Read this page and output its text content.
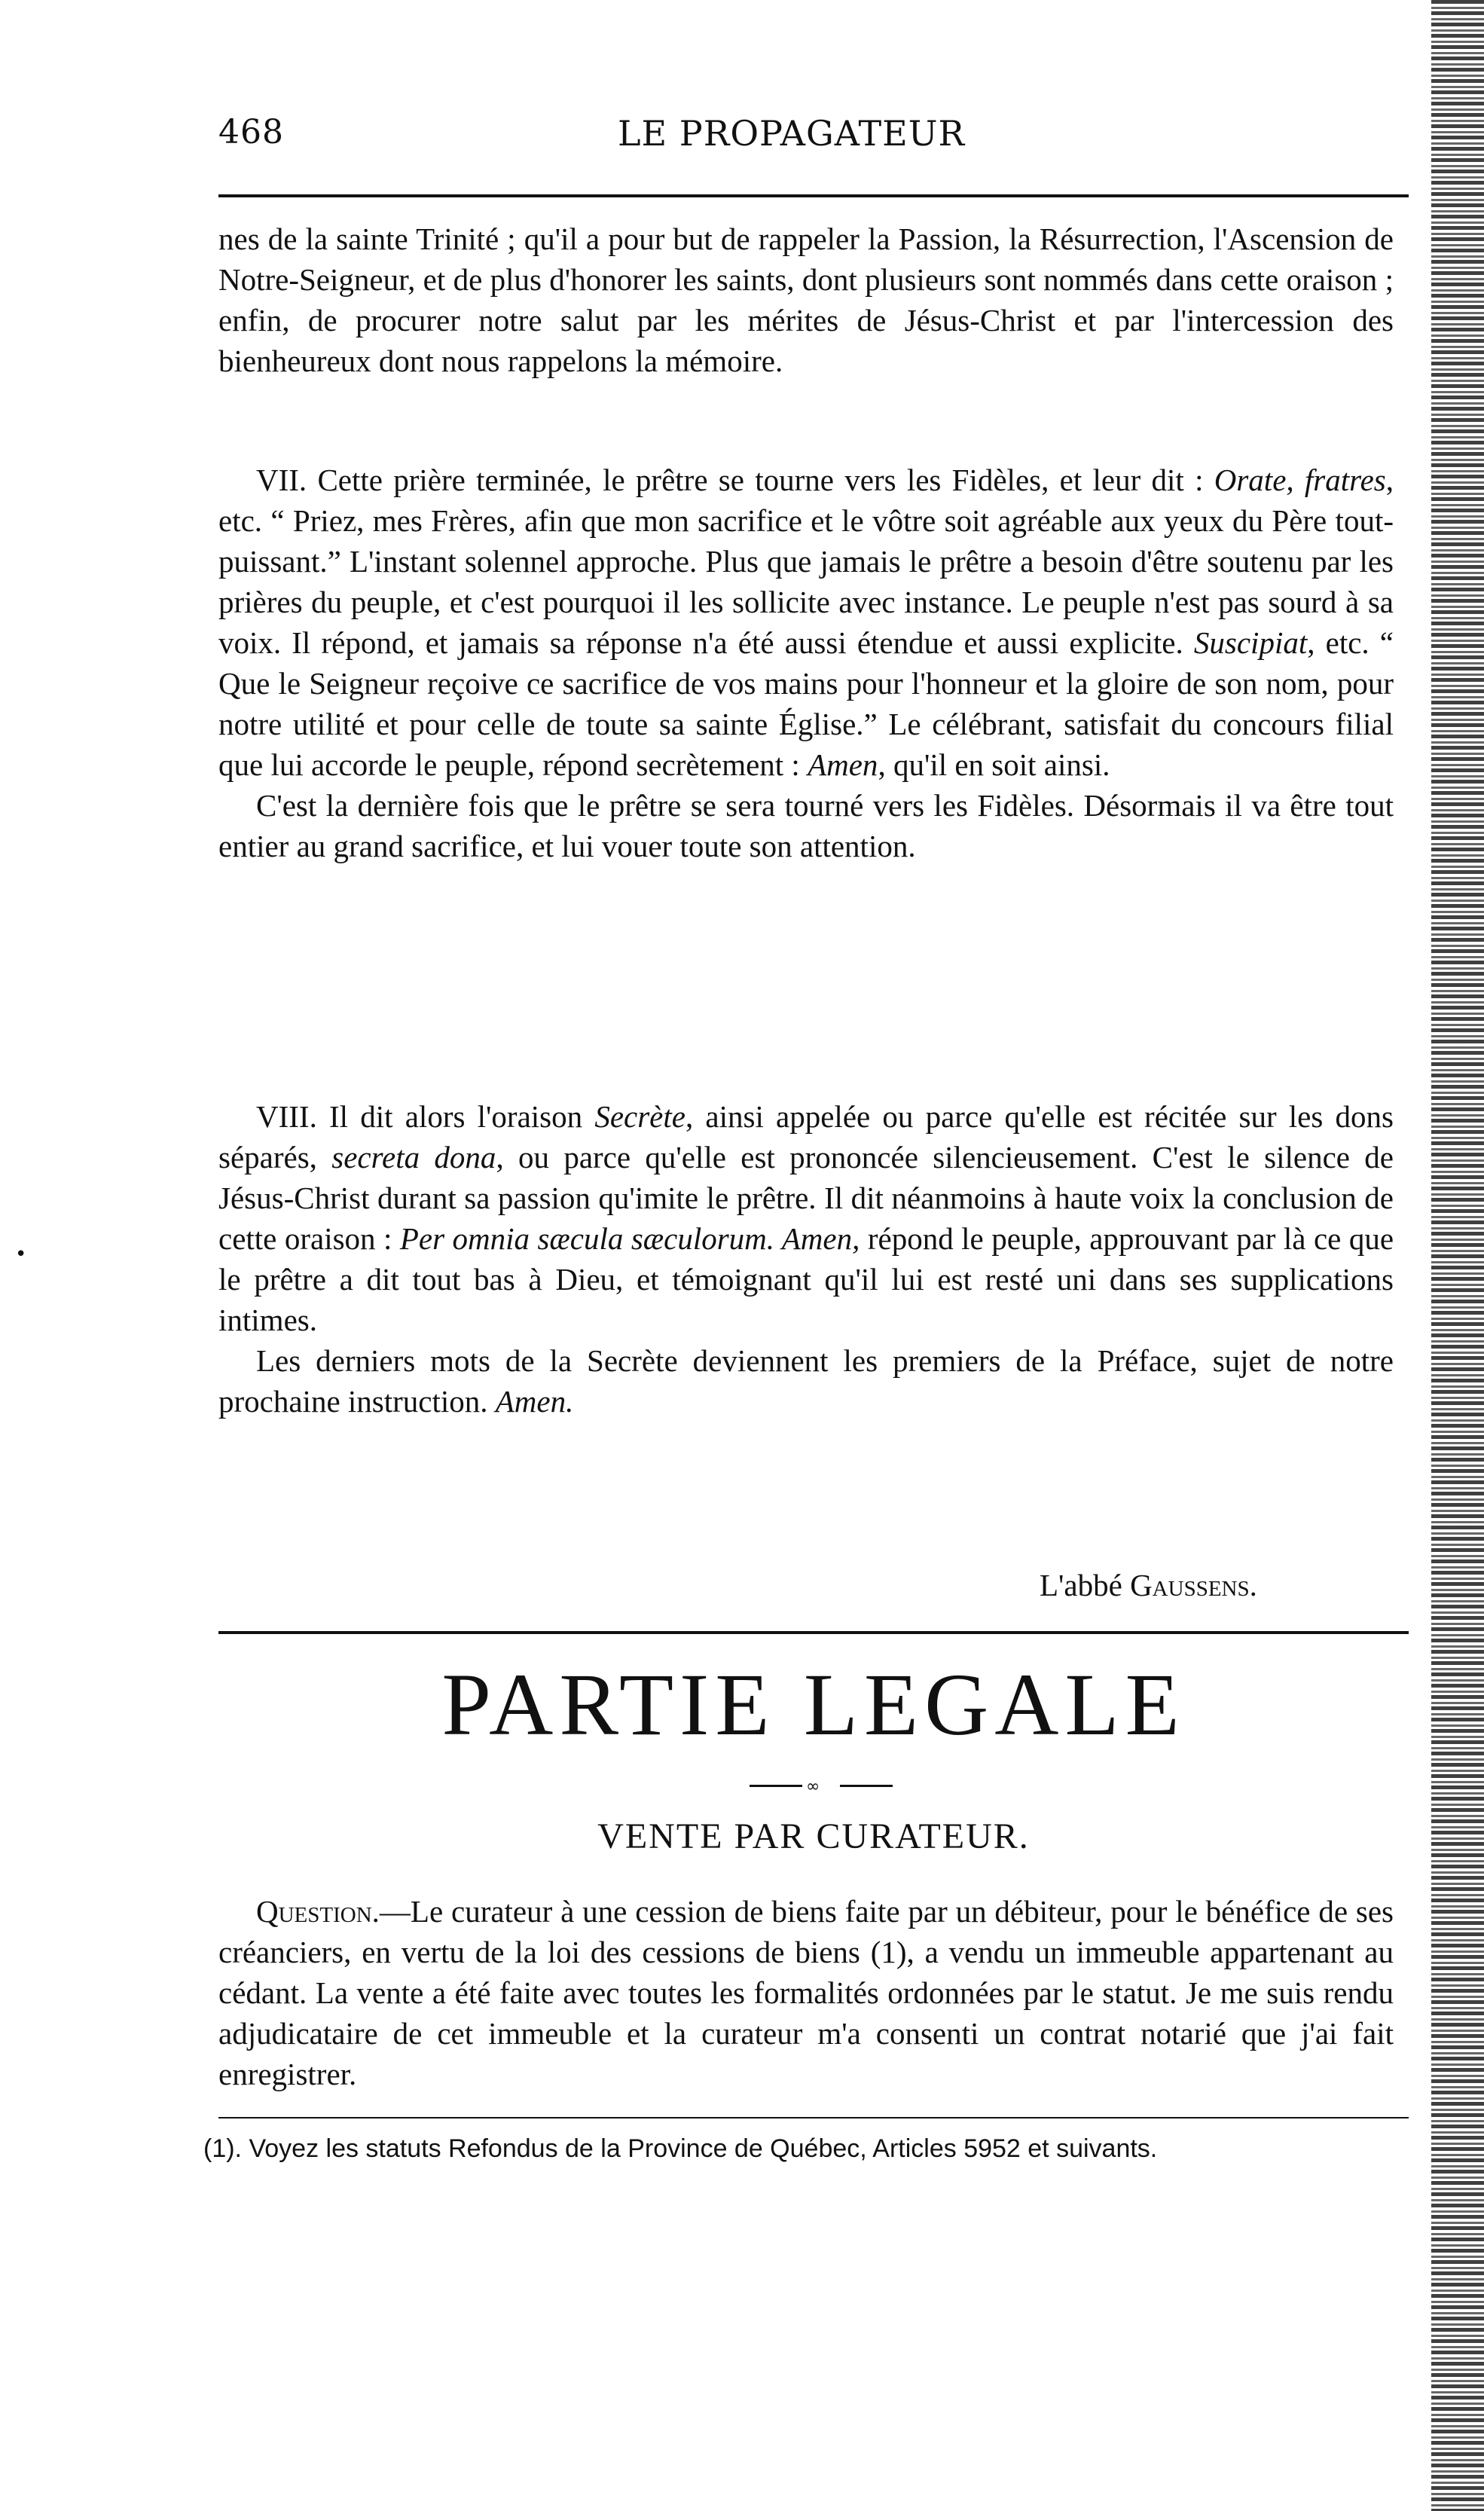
468	LE PROPAGATEUR

nes de la sainte Trinité ; qu'il a pour but de rappeler la Passion, la Résurrection, l'Ascension de Notre-Seigneur, et de plus d'honorer les saints, dont plusieurs sont nommés dans cette oraison ; enfin, de procurer notre salut par les mérites de Jésus-Christ et par l'intercession des bienheureux dont nous rappelons la mémoire.

VII. Cette prière terminée, le prêtre se tourne vers les Fidèles, et leur dit : Orate, fratres, etc. “ Priez, mes Frères, afin que mon sacrifice et le vôtre soit agréable aux yeux du Père tout-puissant.” L'instant solennel approche. Plus que jamais le prêtre a besoin d'être soutenu par les prières du peuple, et c'est pourquoi il les sollicite avec instance. Le peuple n'est pas sourd à sa voix. Il répond, et jamais sa réponse n'a été aussi étendue et aussi explicite. Suscipiat, etc. “ Que le Seigneur reçoive ce sacrifice de vos mains pour l'honneur et la gloire de son nom, pour notre utilité et pour celle de toute sa sainte Église.” Le célébrant, satisfait du concours filial que lui accorde le peuple, répond secrètement : Amen, qu'il en soit ainsi.

C'est la dernière fois que le prêtre se sera tourné vers les Fidèles. Désormais il va être tout entier au grand sacrifice, et lui vouer toute son attention.

VIII. Il dit alors l'oraison Secrète, ainsi appelée ou parce qu'elle est récitée sur les dons séparés, secreta dona, ou parce qu'elle est prononcée silencieusement. C'est le silence de Jésus-Christ durant sa passion qu'imite le prêtre. Il dit néanmoins à haute voix la conclusion de cette oraison : Per omnia sæcula sæculorum. Amen, répond le peuple, approuvant par là ce que le prêtre a dit tout bas à Dieu, et témoignant qu'il lui est resté uni dans ses supplications intimes.

Les derniers mots de la Secrète deviennent les premiers de la Préface, sujet de notre prochaine instruction. Amen.

L'abbé Gaussens.
PARTIE LEGALE
∞
VENTE PAR CURATEUR.

Question.—Le curateur à une cession de biens faite par un débiteur, pour le bénéfice de ses créanciers, en vertu de la loi des cessions de biens (1), a vendu un immeuble appartenant au cédant. La vente a été faite avec toutes les formalités ordonnées par le statut. Je me suis rendu adjudicataire de cet immeuble et la curateur m'a consenti un contrat notarié que j'ai fait enregistrer.

(1). Voyez les statuts Refondus de la Province de Québec, Articles 5952 et suivants.
•
